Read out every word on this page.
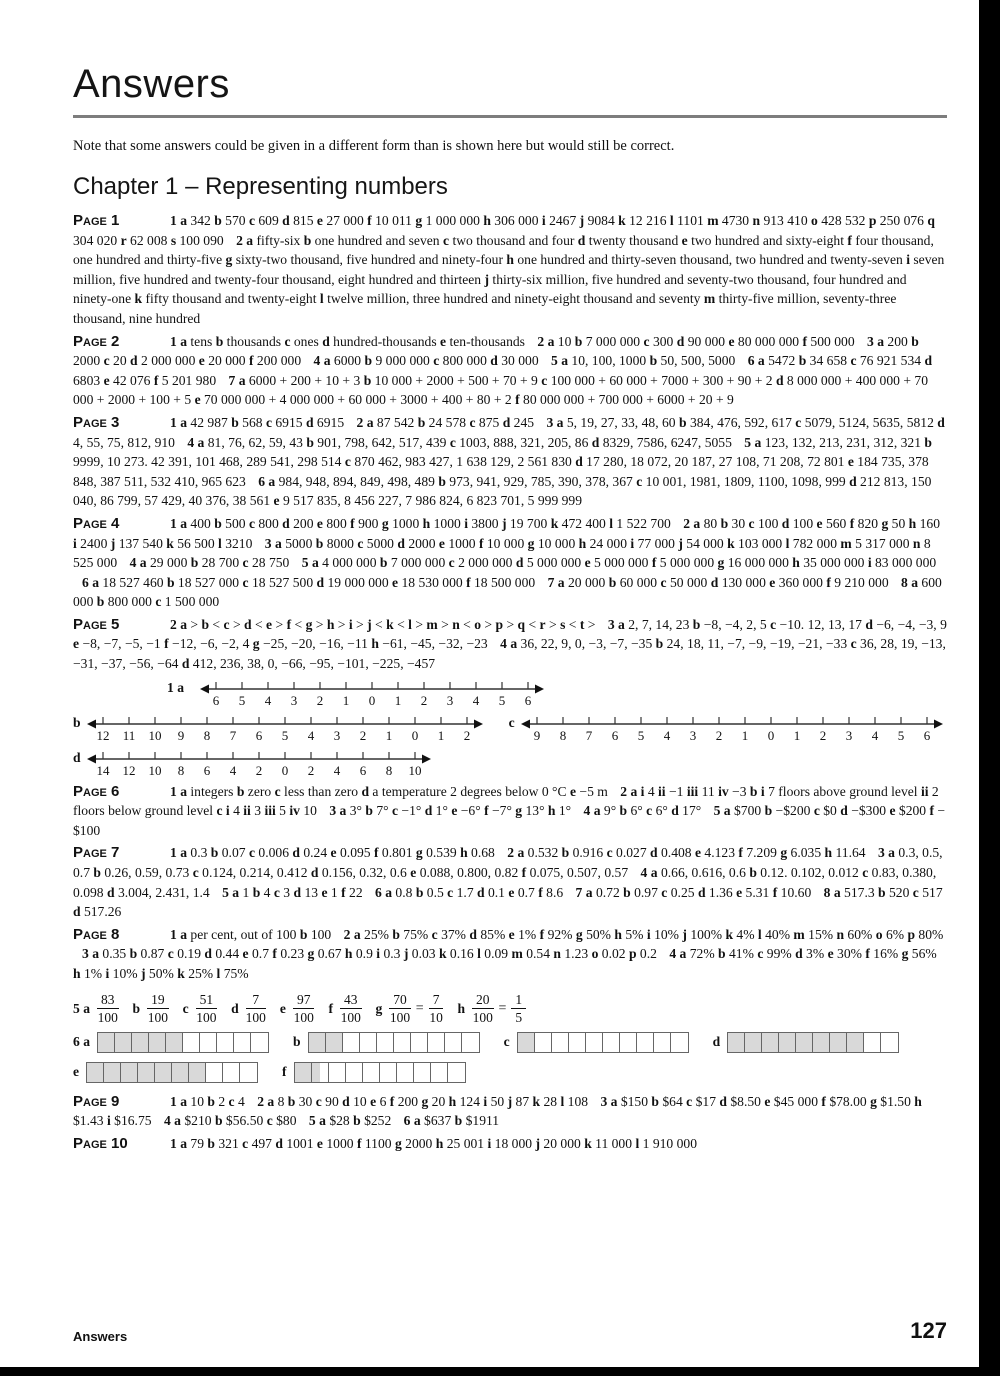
Answers

Note that some answers could be given in a different form than is shown here but would still be correct.

Chapter 1 – Representing numbers

Page 1	1 a 342 b 570 c 609 d 815 e 27 000 f 10 011 g 1 000 000 h 306 000 i 2467 j 9084 k 12 216 l 1101 m 4730 n 913 410 o 428 532 p 250 076 q 304 020 r 62 008 s 100 090 2 a fifty-six b one hundred and seven c two thousand and four d twenty thousand e two hundred and sixty-eight f four thousand, one hundred and thirty-five g sixty-two thousand, five hundred and ninety-four h one hundred and thirty-seven thousand, two hundred and twenty-seven i seven million, five hundred and twenty-four thousand, eight hundred and thirteen j thirty-six million, five hundred and seventy-two thousand, four hundred and ninety-one k fifty thousand and twenty-eight l twelve million, three hundred and ninety-eight thousand and seventy m thirty-five million, seventy-three thousand, nine hundred

Page 2	1 a tens b thousands c ones d hundred-thousands e ten-thousands 2 a 10 b 7 000 000 c 300 d 90 000 e 80 000 000 f 500 000 3 a 200 b 2000 c 20 d 2 000 000 e 20 000 f 200 000 4 a 6000 b 9 000 000 c 800 000 d 30 000 5 a 10, 100, 1000 b 50, 500, 5000 6 a 5472 b 34 658 c 76 921 534 d 6803 e 42 076 f 5 201 980 7 a 6000 + 200 + 10 + 3 b 10 000 + 2000 + 500 + 70 + 9 c 100 000 + 60 000 + 7000 + 300 + 90 + 2 d 8 000 000 + 400 000 + 70 000 + 2000 + 100 + 5 e 70 000 000 + 4 000 000 + 60 000 + 3000 + 400 + 80 + 2 f 80 000 000 + 700 000 + 6000 + 20 + 9

Page 3	1 a 42 987 b 568 c 6915 d 6915 2 a 87 542 b 24 578 c 875 d 245 3 a 5, 19, 27, 33, 48, 60 b 384, 476, 592, 617 c 5079, 5124, 5635, 5812 d 4, 55, 75, 812, 910 4 a 81, 76, 62, 59, 43 b 901, 798, 642, 517, 439 c 1003, 888, 321, 205, 86 d 8329, 7586, 6247, 5055 5 a 123, 132, 213, 231, 312, 321 b 9999, 10 273. 42 391, 101 468, 289 541, 298 514 c 870 462, 983 427, 1 638 129, 2 561 830 d 17 280, 18 072, 20 187, 27 108, 71 208, 72 801 e 184 735, 378 848, 387 511, 532 410, 965 623 6 a 984, 948, 894, 849, 498, 489 b 973, 941, 929, 785, 390, 378, 367 c 10 001, 1981, 1809, 1100, 1098, 999 d 212 813, 150 040, 86 799, 57 429, 40 376, 38 561 e 9 517 835, 8 456 227, 7 986 824, 6 823 701, 5 999 999

Page 4	1 a 400 b 500 c 800 d 200 e 800 f 900 g 1000 h 1000 i 3800 j 19 700 k 472 400 l 1 522 700 2 a 80 b 30 c 100 d 100 e 560 f 820 g 50 h 160 i 2400 j 137 540 k 56 500 l 3210 3 a 5000 b 8000 c 5000 d 2000 e 1000 f 10 000 g 10 000 h 24 000 i 77 000 j 54 000 k 103 000 l 782 000 m 5 317 000 n 8 525 000 4 a 29 000 b 28 700 c 28 750 5 a 4 000 000 b 7 000 000 c 2 000 000 d 5 000 000 e 5 000 000 f 5 000 000 g 16 000 000 h 35 000 000 i 83 000 000 6 a 18 527 460 b 18 527 000 c 18 527 500 d 19 000 000 e 18 530 000 f 18 500 000 7 a 20 000 b 60 000 c 50 000 d 130 000 e 360 000 f 9 210 000 8 a 600 000 b 800 000 c 1 500 000

Page 5	2 a > b < c > d < e > f < g > h > i > j < k < l > m > n < o > p > q < r > s < t > 3 a 2, 7, 14, 23 b −8, −4, 2, 5 c −10. 12, 13, 17 d −6, −4, −3, 9 e −8, −7, −5, −1 f −12, −6, −2, 4 g −25, −20, −16, −11 h −61, −45, −32, −23 4 a 36, 22, 9, 0, −3, −7, −35 b 24, 18, 11, −7, −9, −19, −21, −33 c 36, 28, 19, −13, −31, −37, −56, −64 d 412, 236, 38, 0, −66, −95, −101, −225, −457

1 a
6 5 4 3 2 1 0 1 2 3 4 5 6
b
12 11 10 9 8 7 6 5 4 3 2 1 0 1 2
c
9 8 7 6 5 4 3 2 1 0 1 2 3 4 5 6
d
14 12 10 8 6 4 2 0 2 4 6 8 10

Page 6	1 a integers b zero c less than zero d a temperature 2 degrees below 0 °C e −5 m 2 a i 4 ii −1 iii 11 iv −3 b i 7 floors above ground level ii 2 floors below ground level c i 4 ii 3 iii 5 iv 10 3 a 3° b 7° c −1° d 1° e −6° f −7° g 13° h 1° 4 a 9° b 6° c 6° d 17° 5 a $700 b −$200 c $0 d −$300 e $200 f −$100

Page 7	1 a 0.3 b 0.07 c 0.006 d 0.24 e 0.095 f 0.801 g 0.539 h 0.68 2 a 0.532 b 0.916 c 0.027 d 0.408 e 4.123 f 7.209 g 6.035 h 11.64 3 a 0.3, 0.5, 0.7 b 0.26, 0.59, 0.73 c 0.124, 0.214, 0.412 d 0.156, 0.32, 0.6 e 0.088, 0.800, 0.82 f 0.075, 0.507, 0.57 4 a 0.66, 0.616, 0.6 b 0.12. 0.102, 0.012 c 0.83, 0.380, 0.098 d 3.004, 2.431, 1.4 5 a 1 b 4 c 3 d 13 e 1 f 22 6 a 0.8 b 0.5 c 1.7 d 0.1 e 0.7 f 8.6 7 a 0.72 b 0.97 c 0.25 d 1.36 e 5.31 f 10.60 8 a 517.3 b 520 c 517 d 517.26

Page 8	1 a per cent, out of 100 b 100 2 a 25% b 75% c 37% d 85% e 1% f 92% g 50% h 5% i 10% j 100% k 4% l 40% m 15% n 60% o 6% p 80% 3 a 0.35 b 0.87 c 0.19 d 0.44 e 0.7 f 0.23 g 0.67 h 0.9 i 0.3 j 0.03 k 0.16 l 0.09 m 0.54 n 1.23 o 0.02 p 0.2 4 a 72% b 41% c 99% d 3% e 30% f 16% g 56% h 1% i 10% j 50% k 25% l 75%

5 a $\frac{83}{100}$ b $\frac{19}{100}$ c $\frac{51}{100}$ d $\frac{7}{100}$ e $\frac{97}{100}$ f $\frac{43}{100}$ g $\frac{70}{100} = \frac{7}{10}$ h $\frac{20}{100} = \frac{1}{5}$
6 a	b	c	d
e	f

Page 9	1 a 10 b 2 c 4 2 a 8 b 30 c 90 d 10 e 6 f 200 g 20 h 124 i 50 j 87 k 28 l 108 3 a $150 b $64 c $17 d $8.50 e $45 000 f $78.00 g $1.50 h $1.43 i $16.75 4 a $210 b $56.50 c $80 5 a $28 b $252 6 a $637 b $1911

Page 10	1 a 79 b 321 c 497 d 1001 e 1000 f 1100 g 2000 h 25 001 i 18 000 j 20 000 k 11 000 l 1 910 000

Answers	127
